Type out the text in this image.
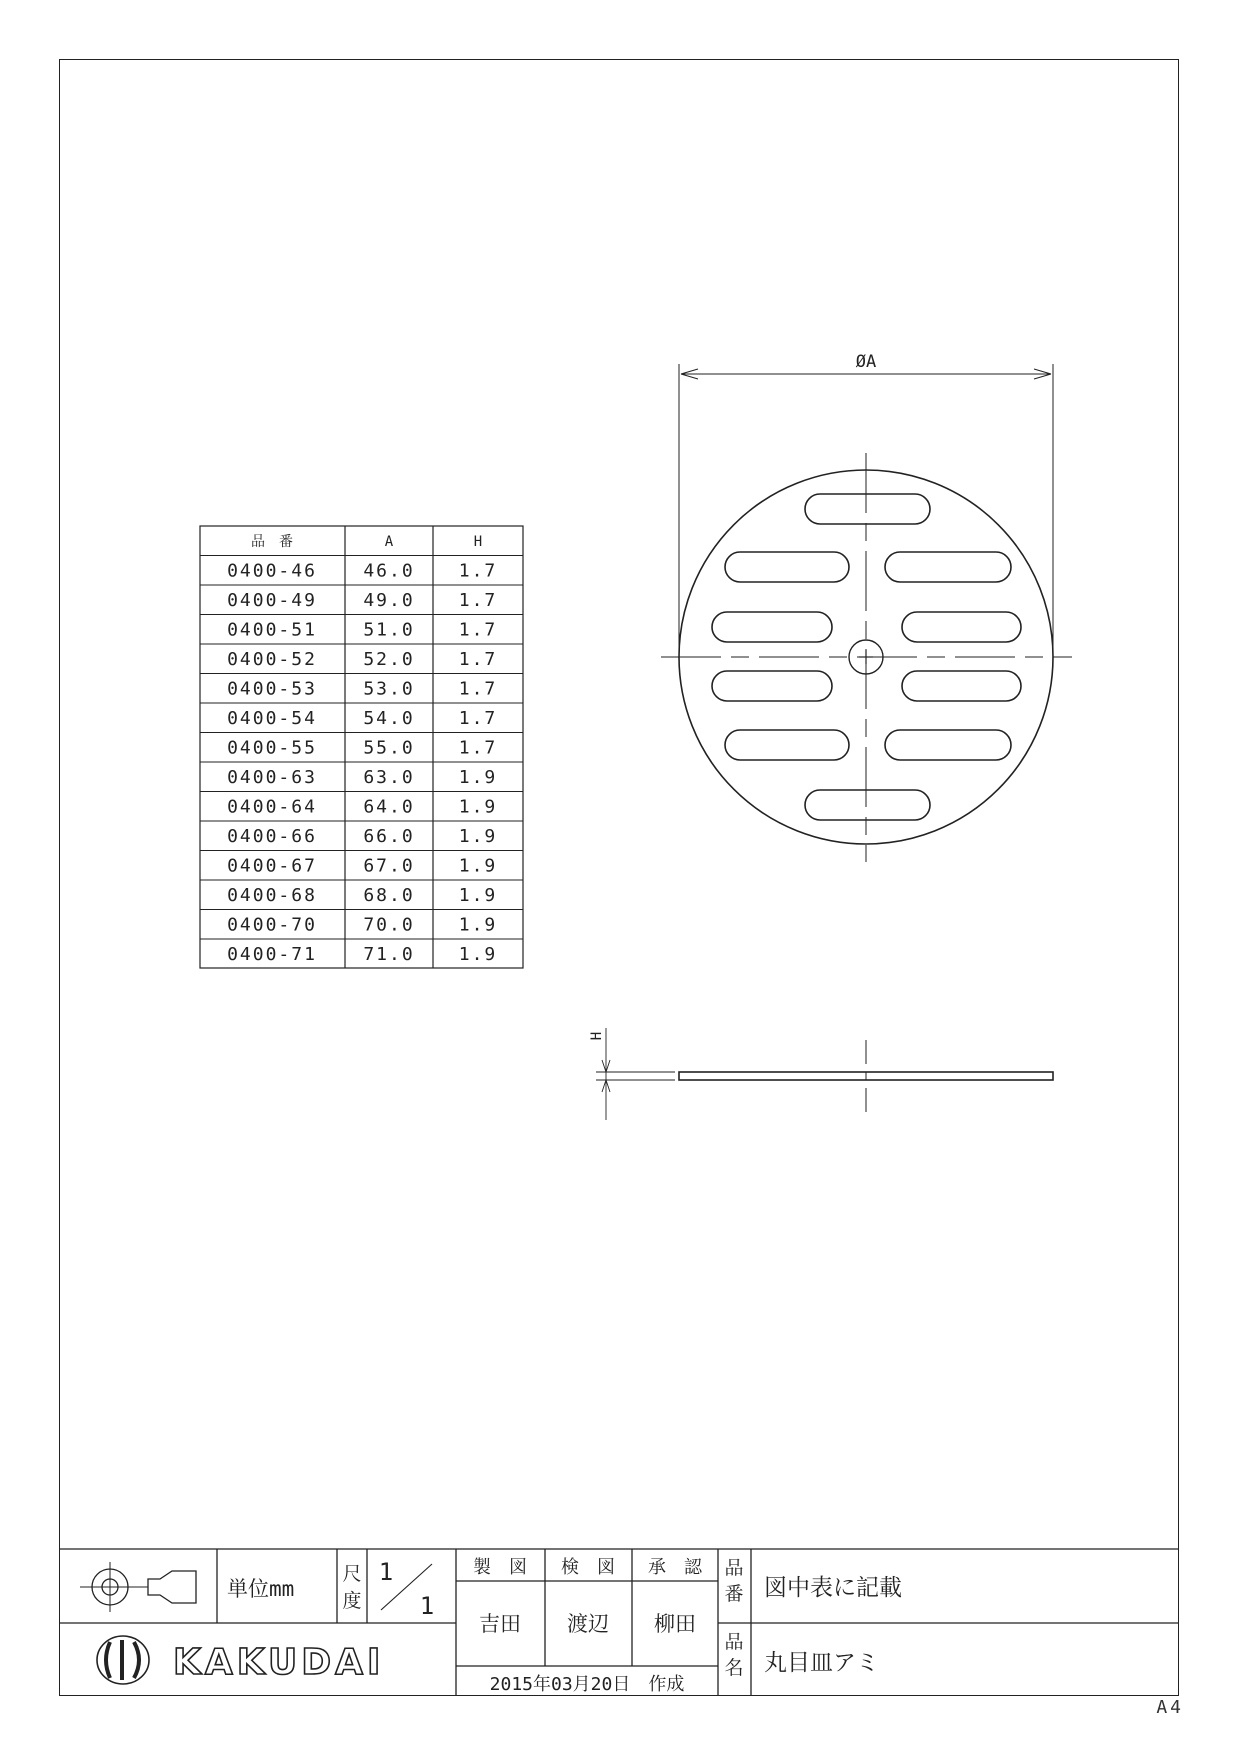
品　番	A	H
0400-46	46.0 1.7
0400-49	49.0 1.7
0400-51	51.0 1.7
0400-52	52.0 1.7
0400-53	53.0 1.7
0400-54	54.0 1.7
0400-55	55.0 1.7
0400-63	63.0 1.9
0400-64	64.0 1.9
0400-66	66.0 1.9
0400-67	67.0 1.9
0400-68	68.0 1.9
0400-70	70.0 1.9
0400-71	71.0 1.9
ØA
H
KAKUDAI
単位mm
尺
度
1
1
製　図 検　図 承　認
吉田 渡辺 柳田
2015年03月20日　作成
品
番 図中表に記載
品
名 丸目皿アミ
A4
